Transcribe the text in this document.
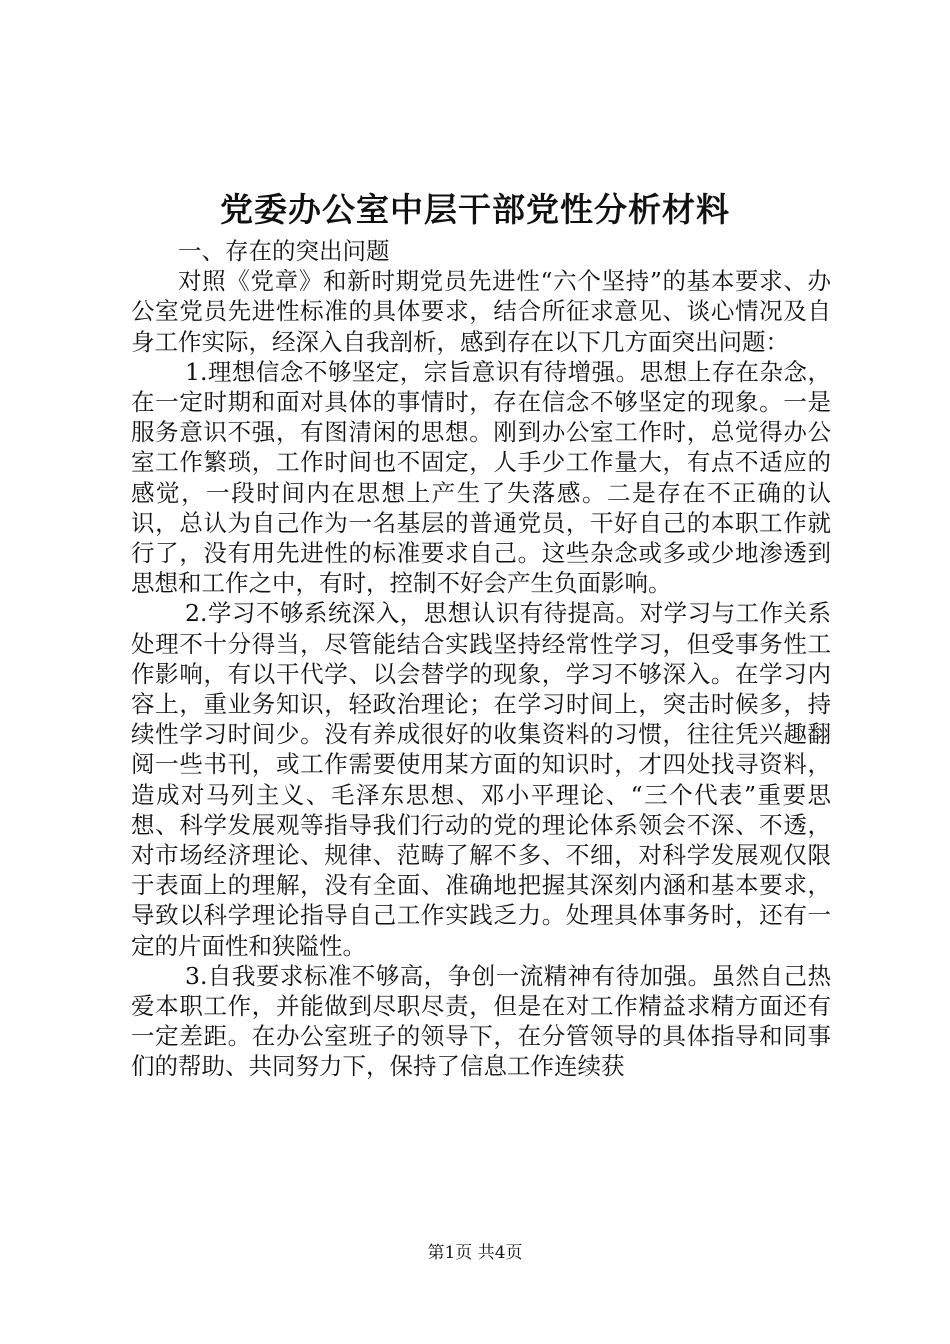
党委办公室中层干部党性分析材料

一、存在的突出问题

对照《党章》和新时期党员先进性“六个坚持”的基本要求、办公室党员先进性标准的具体要求，结合所征求意见、谈心情况及自身工作实际，经深入自我剖析，感到存在以下几方面突出问题：

1.理想信念不够坚定，宗旨意识有待增强。思想上存在杂念，在一定时期和面对具体的事情时，存在信念不够坚定的现象。一是服务意识不强，有图清闲的思想。刚到办公室工作时，总觉得办公室工作繁琐，工作时间也不固定，人手少工作量大，有点不适应的感觉，一段时间内在思想上产生了失落感。二是存在不正确的认识，总认为自己作为一名基层的普通党员，干好自己的本职工作就行了，没有用先进性的标准要求自己。这些杂念或多或少地渗透到思想和工作之中，有时，控制不好会产生负面影响。

2.学习不够系统深入，思想认识有待提高。对学习与工作关系处理不十分得当，尽管能结合实践坚持经常性学习，但受事务性工作影响，有以干代学、以会替学的现象，学习不够深入。在学习内容上，重业务知识，轻政治理论；在学习时间上，突击时候多，持续性学习时间少。没有养成很好的收集资料的习惯，往往凭兴趣翻阅一些书刊，或工作需要使用某方面的知识时，才四处找寻资料，造成对马列主义、毛泽东思想、邓小平理论、“三个代表”重要思想、科学发展观等指导我们行动的党的理论体系领会不深、不透，对市场经济理论、规律、范畴了解不多、不细，对科学发展观仅限于表面上的理解，没有全面、准确地把握其深刻内涵和基本要求，导致以科学理论指导自己工作实践乏力。处理具体事务时，还有一定的片面性和狭隘性。

3.自我要求标准不够高，争创一流精神有待加强。虽然自己热爱本职工作，并能做到尽职尽责，但是在对工作精益求精方面还有一定差距。在办公室班子的领导下，在分管领导的具体指导和同事们的帮助、共同努力下，保持了信息工作连续获

第1页 共4页
